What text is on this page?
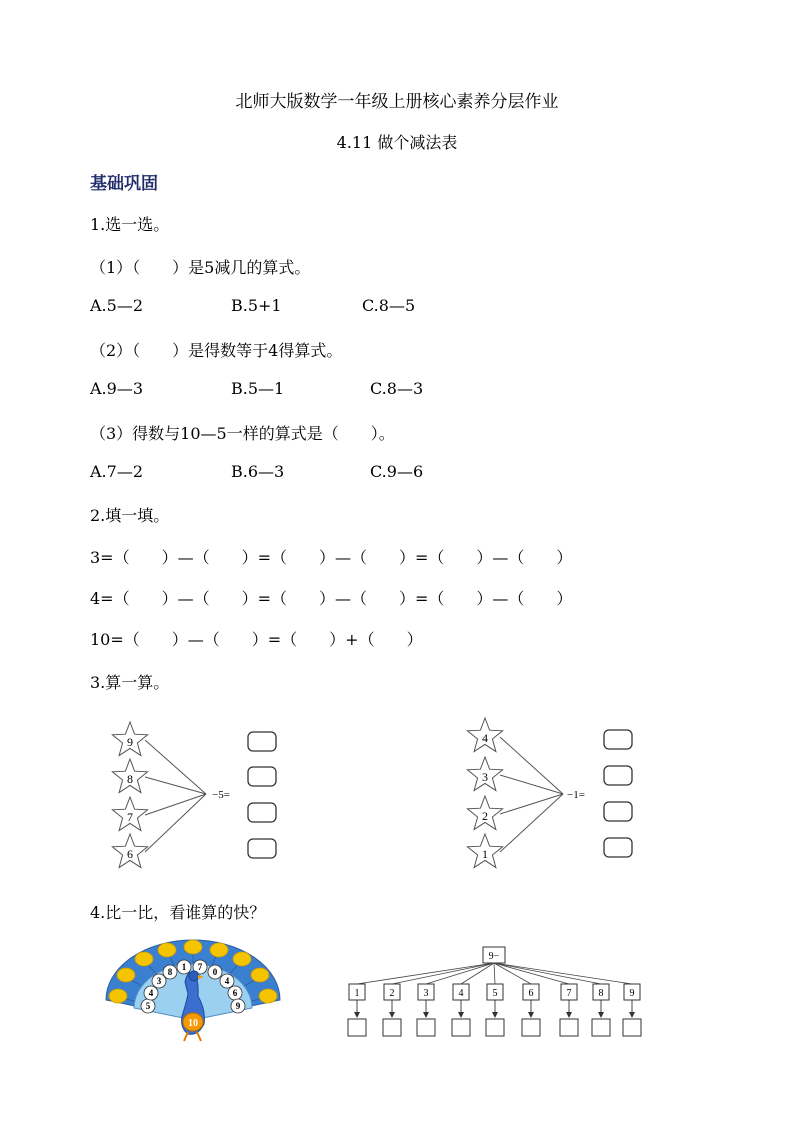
北师大版数学一年级上册核心素养分层作业
4.11 做个减法表
基础巩固
1.选一选。
（1）（　　）是5减几的算式。
A.5—2	B.5+1	C.8—5
（2）（　　）是得数等于4得算式。
A.9—3	B.5—1	C.8—3
（3）得数与10—5一样的算式是（　　）。
A.7—2	B.6—3	C.9—6
2.填一填。
3=（　　）—（　　）=（　　）—（　　）=（　　）—（　　）
4=（　　）—（　　）=（　　）—（　　）=（　　）—（　　）
10=（　　）—（　　）=（　　）+（　　）
3.算一算。
9
8
7
6
−5=
4
3
2
1
−1=
4.比一比，看谁算的快？
5
4
3
8 1 7 0
4
6
9
10
9−
1	2	3	4	5	6	7	8	9
